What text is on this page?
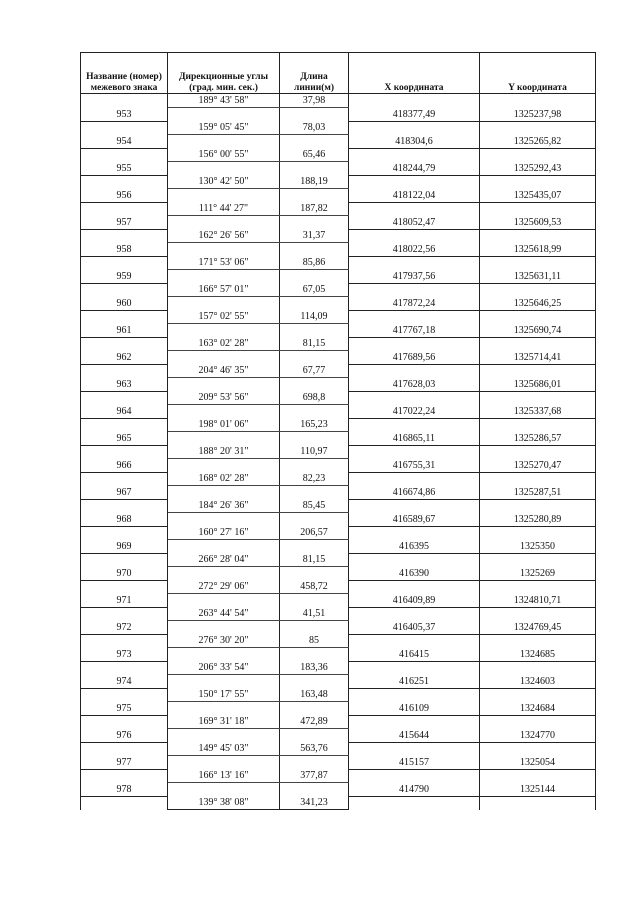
Название (номер) межевого знака	Дирекционные углы (град. мин. сек.)	Длина линии(м)	X координата	Y координата
	189° 43' 58"	37,98		
953			418377,49	1325237,98
	159° 05' 45"	78,03		
954			418304,6	1325265,82
	156° 00' 55"	65,46		
955			418244,79	1325292,43
	130° 42' 50"	188,19		
956			418122,04	1325435,07
	111° 44' 27"	187,82		
957			418052,47	1325609,53
	162° 26' 56"	31,37		
958			418022,56	1325618,99
	171° 53' 06"	85,86		
959			417937,56	1325631,11
	166° 57' 01"	67,05		
960			417872,24	1325646,25
	157° 02' 55"	114,09		
961			417767,18	1325690,74
	163° 02' 28"	81,15		
962			417689,56	1325714,41
	204° 46' 35"	67,77		
963			417628,03	1325686,01
	209° 53' 56"	698,8		
964			417022,24	1325337,68
	198° 01' 06"	165,23		
965			416865,11	1325286,57
	188° 20' 31"	110,97		
966			416755,31	1325270,47
	168° 02' 28"	82,23		
967			416674,86	1325287,51
	184° 26' 36"	85,45		
968			416589,67	1325280,89
	160° 27' 16"	206,57		
969			416395	1325350
	266° 28' 04"	81,15		
970			416390	1325269
	272° 29' 06"	458,72		
971			416409,89	1324810,71
	263° 44' 54"	41,51		
972			416405,37	1324769,45
	276° 30' 20"	85		
973			416415	1324685
	206° 33' 54"	183,36		
974			416251	1324603
	150° 17' 55"	163,48		
975			416109	1324684
	169° 31' 18"	472,89		
976			415644	1324770
	149° 45' 03"	563,76		
977			415157	1325054
	166° 13' 16"	377,87		
978			414790	1325144
	139° 38' 08"	341,23		
